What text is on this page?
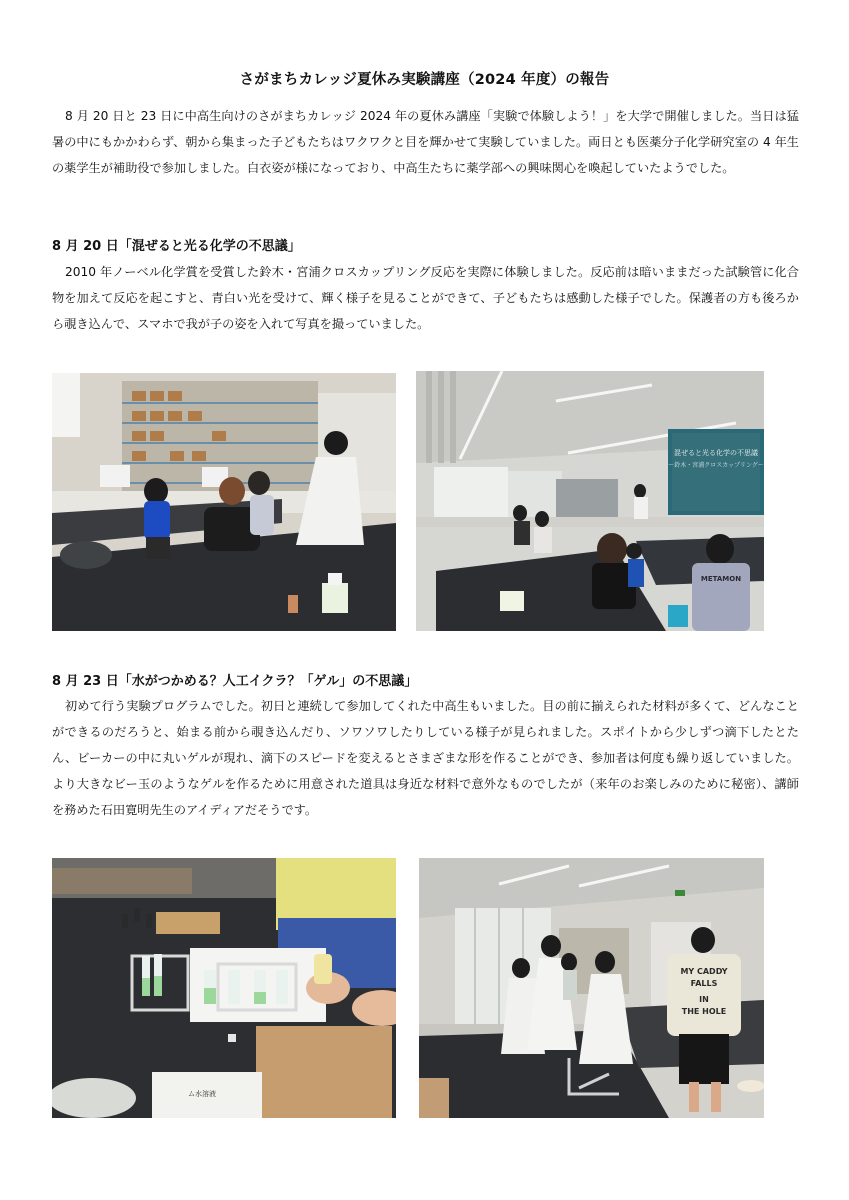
さがまちカレッジ夏休み実験講座（2024 年度）の報告

8 月 20 日と 23 日に中高生向けのさがまちカレッジ 2024 年の夏休み講座「実験で体験しよう！」を大学で開催しました。当日は猛暑の中にもかかわらず、朝から集まった子どもたちはワクワクと目を輝かせて実験していました。両日とも医薬分子化学研究室の 4 年生の薬学生が補助役で参加しました。白衣姿が様になっており、中高生たちに薬学部への興味関心を喚起していたようでした。

8 月 20 日「混ぜると光る化学の不思議」

2010 年ノーベル化学賞を受賞した鈴木・宮浦クロスカップリング反応を実際に体験しました。反応前は暗いままだった試験管に化合物を加えて反応を起こすと、青白い光を受けて、輝く様子を見ることができて、子どもたちは感動した様子でした。保護者の方も後ろから覗き込んで、スマホで我が子の姿を入れて写真を撮っていました。

混ぜると光る化学の不思議
〜鈴木・宮浦クロスカップリング〜
METAMON

8 月 23 日「水がつかめる？人工イクラ？「ゲル」の不思議」

初めて行う実験プログラムでした。初日と連続して参加してくれた中高生もいました。目の前に揃えられた材料が多くて、どんなことができるのだろうと、始まる前から覗き込んだり、ソワソワしたりしている様子が見られました。スポイトから少しずつ滴下したとたん、ビーカーの中に丸いゲルが現れ、滴下のスピードを変えるとさまざまな形を作ることができ、参加者は何度も繰り返していました。より大きなビー玉のようなゲルを作るために用意された道具は身近な材料で意外なものでしたが（来年のお楽しみのために秘密）、講師を務めた石田寛明先生のアイディアだそうです。

ム水溶液
MY CADDY
FALLS
IN
THE HOLE
